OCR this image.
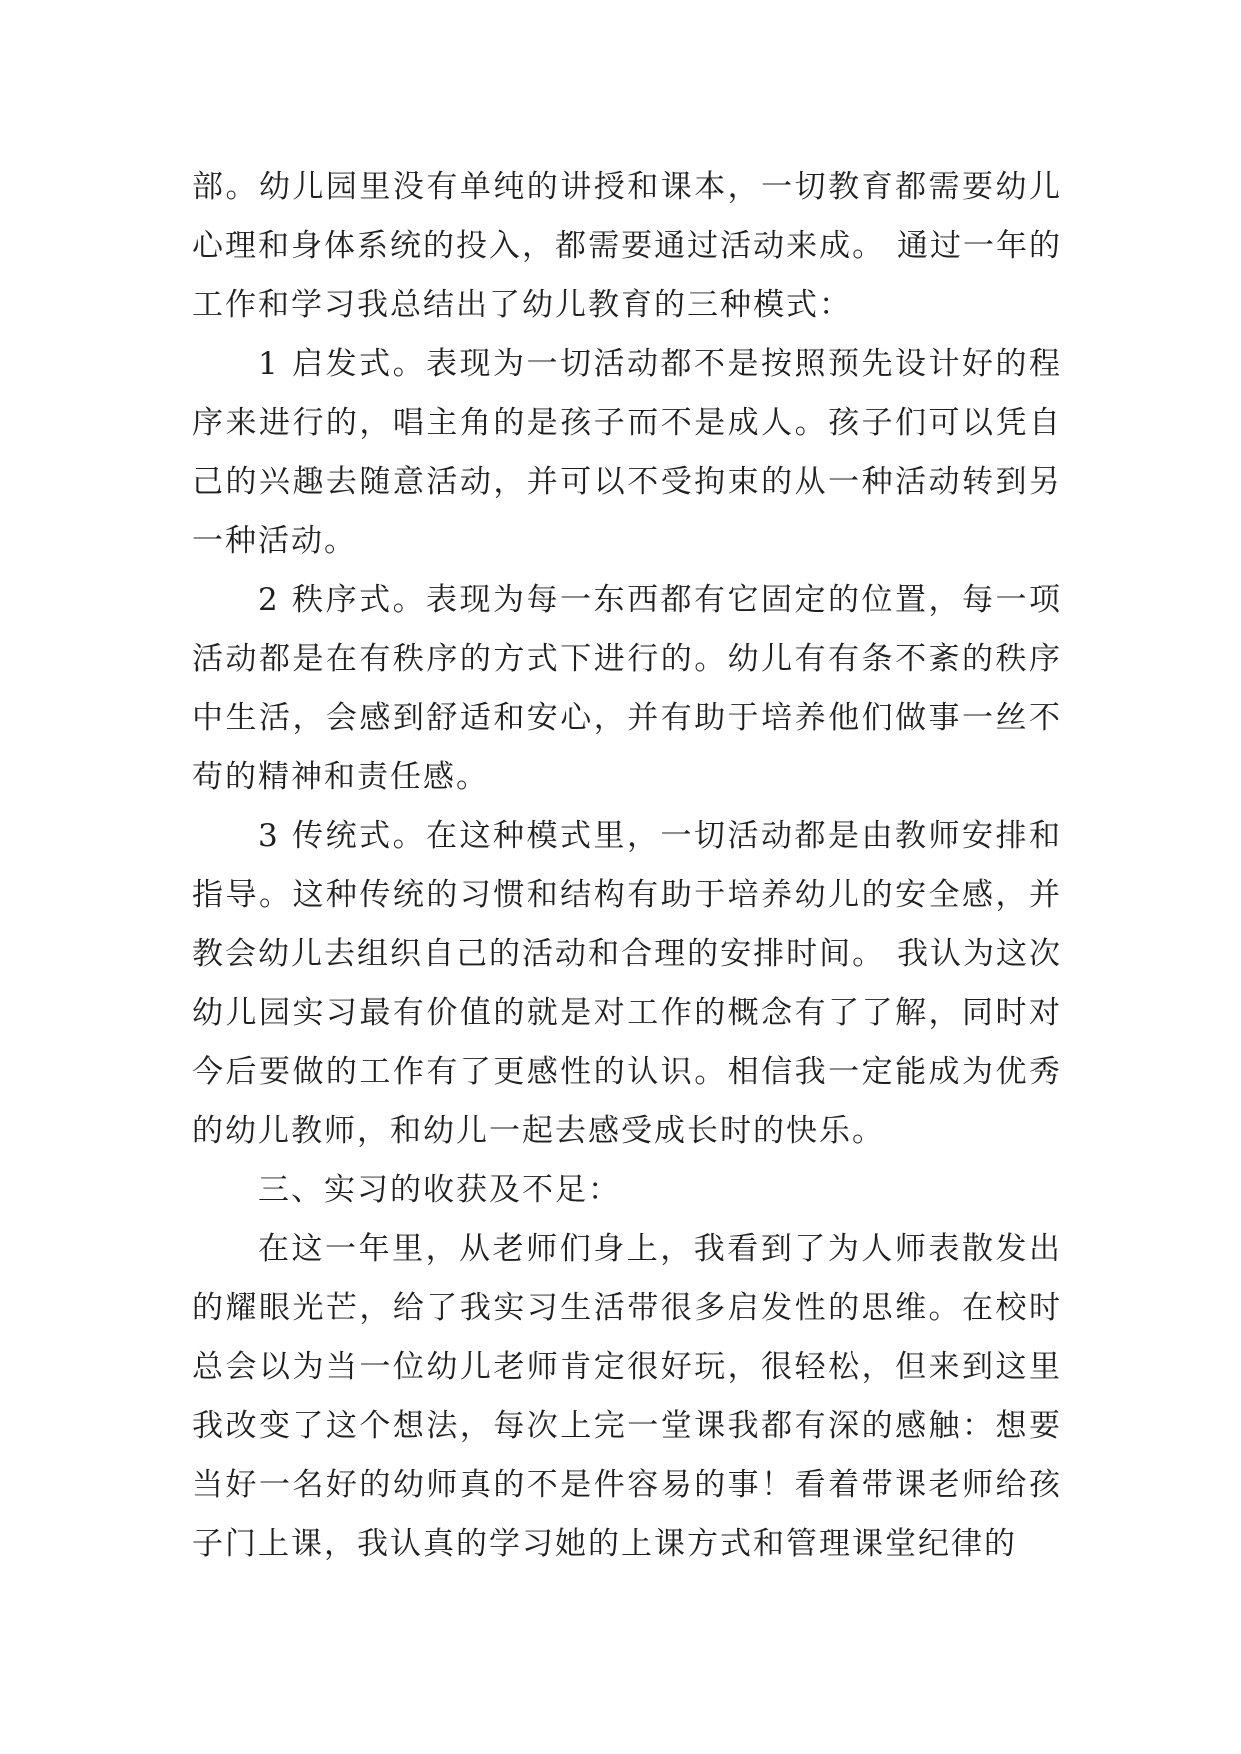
部。幼儿园里没有单纯的讲授和课本，一切教育都需要幼儿心理和身体系统的投入，都需要通过活动来成。 通过一年的工作和学习我总结出了幼儿教育的三种模式：

1 启发式。表现为一切活动都不是按照预先设计好的程序来进行的，唱主角的是孩子而不是成人。孩子们可以凭自己的兴趣去随意活动，并可以不受拘束的从一种活动转到另一种活动。

2 秩序式。表现为每一东西都有它固定的位置，每一项活动都是在有秩序的方式下进行的。幼儿有有条不紊的秩序中生活，会感到舒适和安心，并有助于培养他们做事一丝不苟的精神和责任感。

3 传统式。在这种模式里，一切活动都是由教师安排和指导。这种传统的习惯和结构有助于培养幼儿的安全感，并教会幼儿去组织自己的活动和合理的安排时间。 我认为这次幼儿园实习最有价值的就是对工作的概念有了了解，同时对今后要做的工作有了更感性的认识。相信我一定能成为优秀的幼儿教师，和幼儿一起去感受成长时的快乐。

三、实习的收获及不足：

在这一年里，从老师们身上，我看到了为人师表散发出的耀眼光芒，给了我实习生活带很多启发性的思维。在校时总会以为当一位幼儿老师肯定很好玩，很轻松，但来到这里我改变了这个想法，每次上完一堂课我都有深的感触：想要当好一名好的幼师真的不是件容易的事！看着带课老师给孩子门上课，我认真的学习她的上课方式和管理课堂纪律的
